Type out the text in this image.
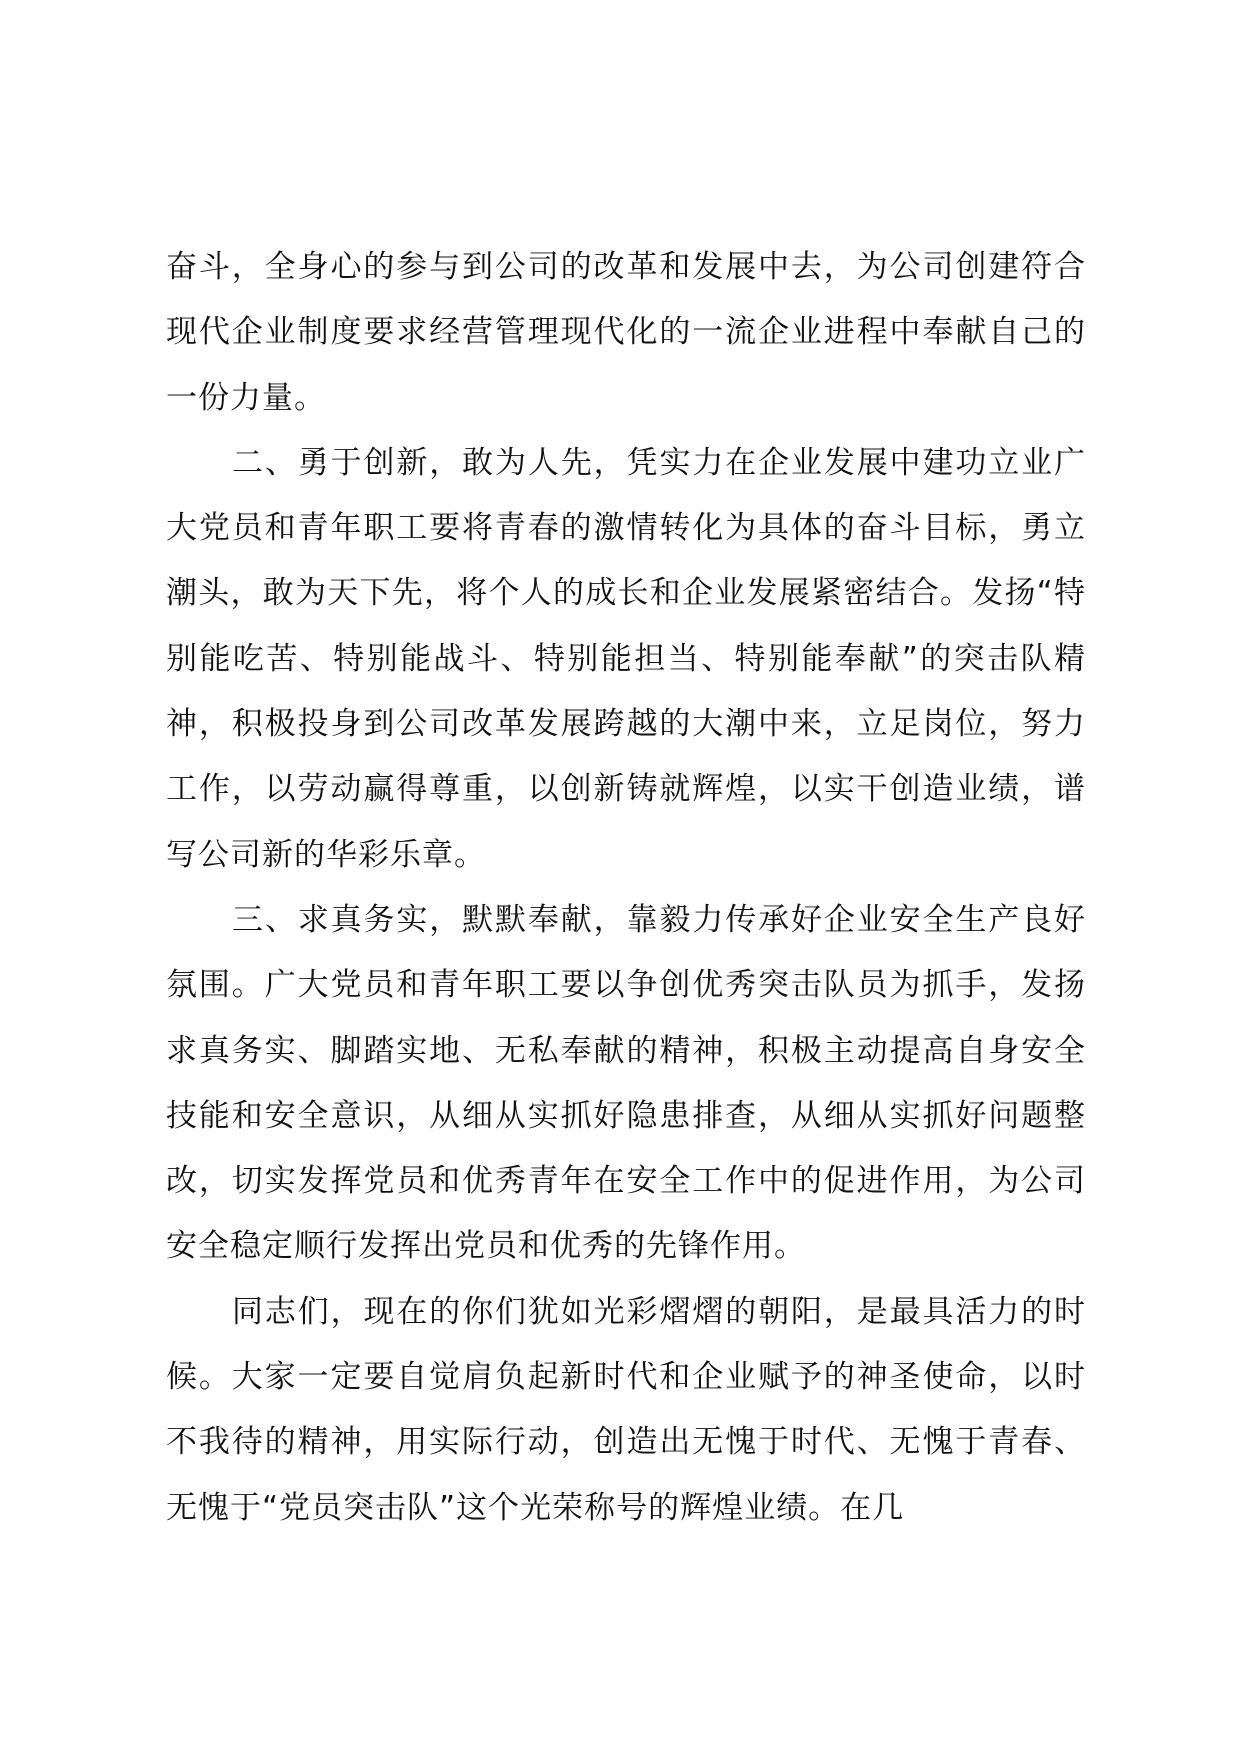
奋斗，全身心的参与到公司的改革和发展中去，为公司创建符合现代企业制度要求经营管理现代化的一流企业进程中奉献自己的一份力量。

二、勇于创新，敢为人先，凭实力在企业发展中建功立业广大党员和青年职工要将青春的激情转化为具体的奋斗目标，勇立潮头，敢为天下先，将个人的成长和企业发展紧密结合。发扬“特别能吃苦、特别能战斗、特别能担当、特别能奉献”的突击队精神，积极投身到公司改革发展跨越的大潮中来，立足岗位，努力工作，以劳动赢得尊重，以创新铸就辉煌，以实干创造业绩，谱写公司新的华彩乐章。

三、求真务实，默默奉献，靠毅力传承好企业安全生产良好氛围。广大党员和青年职工要以争创优秀突击队员为抓手，发扬求真务实、脚踏实地、无私奉献的精神，积极主动提高自身安全技能和安全意识，从细从实抓好隐患排查，从细从实抓好问题整改，切实发挥党员和优秀青年在安全工作中的促进作用，为公司安全稳定顺行发挥出党员和优秀的先锋作用。

同志们，现在的你们犹如光彩熠熠的朝阳，是最具活力的时候。大家一定要自觉肩负起新时代和企业赋予的神圣使命，以时不我待的精神，用实际行动，创造出无愧于时代、无愧于青春、无愧于“党员突击队”这个光荣称号的辉煌业绩。在几
